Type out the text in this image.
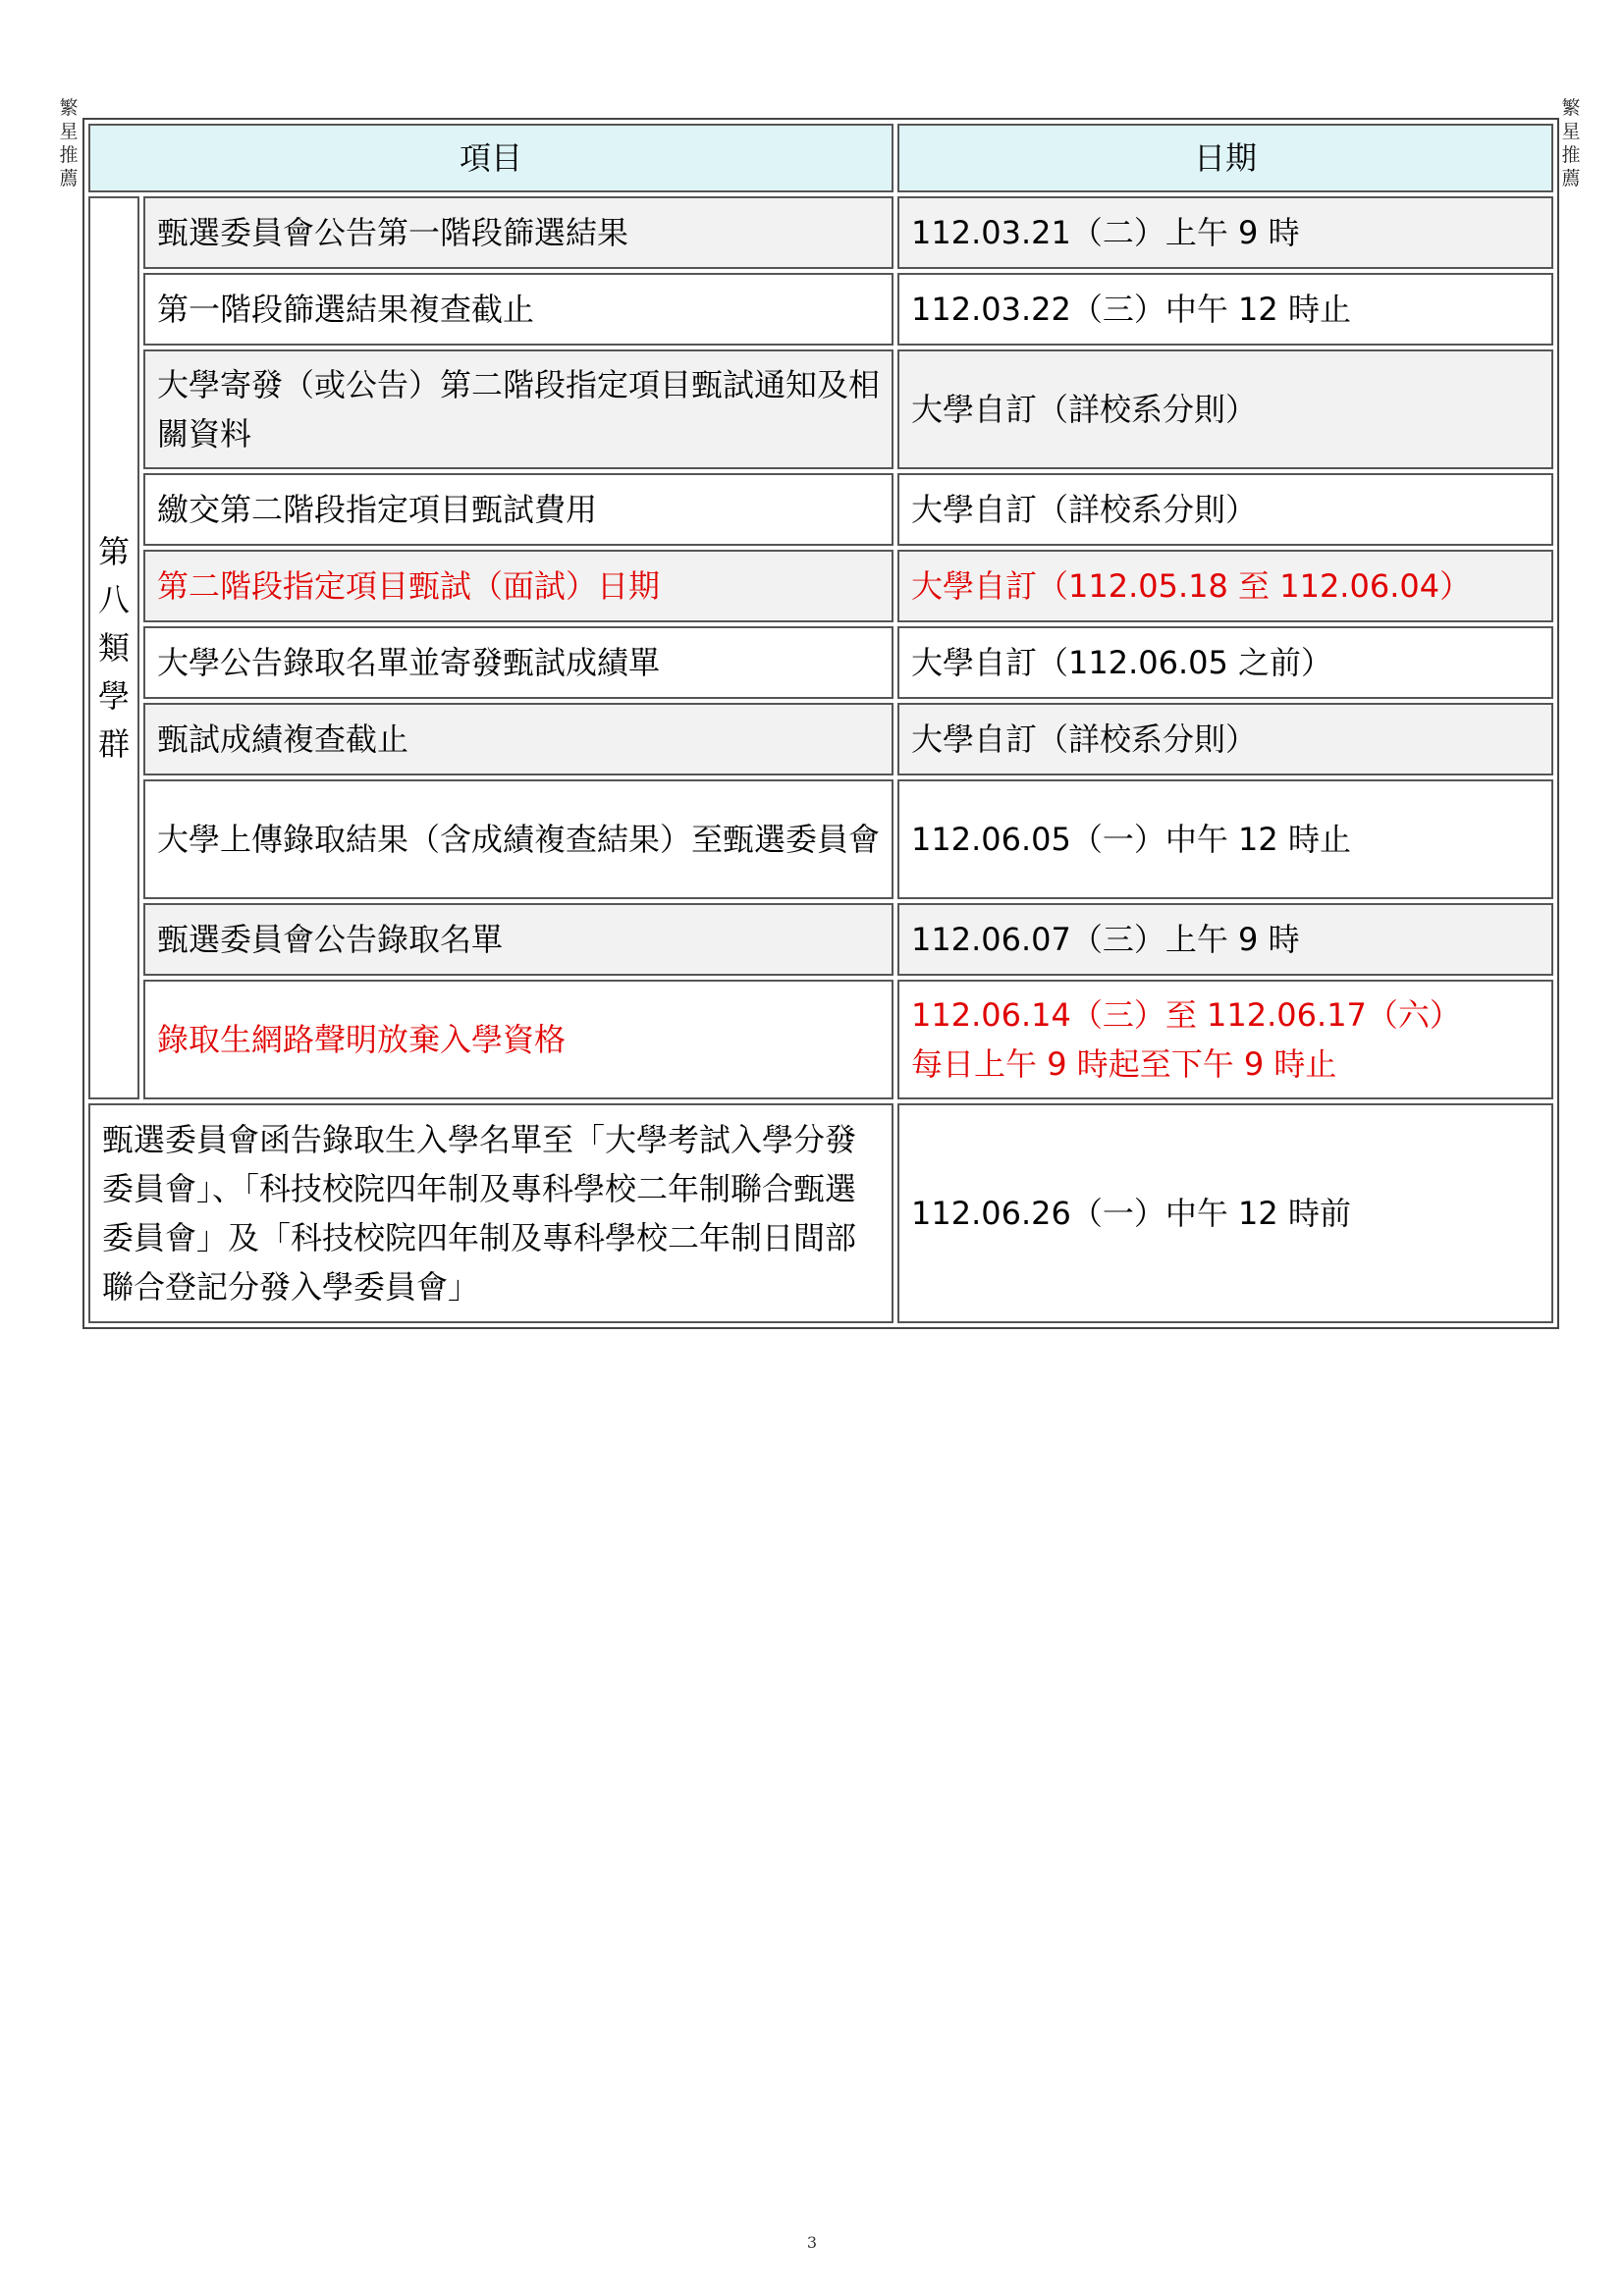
繁
星
推
薦
繁
星
推
薦
項目		日期

第
八
類
學
群	甄選委員會公告第一階段篩選結果	112.03.21（二）上午 9 時
	第一階段篩選結果複查截止	112.03.22（三）中午 12 時止
	大學寄發（或公告）第二階段指定項目甄試通知及相關資料	大學自訂（詳校系分則）
	繳交第二階段指定項目甄試費用	大學自訂（詳校系分則）
	第二階段指定項目甄試（面試）日期	大學自訂（112.05.18 至 112.06.04）
	大學公告錄取名單並寄發甄試成績單	大學自訂（112.06.05 之前）
	甄試成績複查截止	大學自訂（詳校系分則）
	大學上傳錄取結果（含成績複查結果）至甄選委員會	112.06.05（一）中午 12 時止
	甄選委員會公告錄取名單	112.06.07（三）上午 9 時
	錄取生網路聲明放棄入學資格	112.06.14（三）至 112.06.17（六）
每日上午 9 時起至下午 9 時止

甄選委員會函告錄取生入學名單至「大學考試入學分發委員會」、「科技校院四年制及專科學校二年制聯合甄選委員會」及「科技校院四年制及專科學校二年制日間部聯合登記分發入學委員會」		112.06.26（一）中午 12 時前
3
